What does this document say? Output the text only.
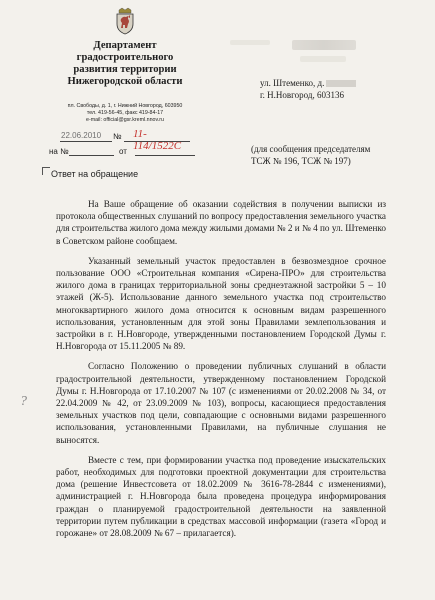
Департамент
градостроительного
развития территории
Нижегородской области
пл. Свободы, д. 1, г. Нижний Новгород, 603950
тел. 419-56-45, факс 419-84-17
e-mail: official@gsr.kreml.nnov.ru
22.06.2010 № 11-114/1522С
на №	от
Ответ на обращение
ул. Штеменко, д.
г. Н.Новгород, 603136
(для сообщения председателям
ТСЖ № 196, ТСЖ № 197)
?

На Ваше обращение об оказании содействия в получении выписки из протокола общественных слушаний по вопросу предоставления земельного участка для строительства жилого дома между жилыми домами № 2 и № 4 по ул. Штеменко в Советском районе сообщаем.

Указанный земельный участок предоставлен в безвозмездное срочное пользование ООО «Строительная компания «Сирена-ПРО» для строительства жилого дома в границах территориальной зоны среднеэтажной застройки 5 – 10 этажей (Ж-5). Использование данного земельного участка под строительство многоквартирного жилого дома относится к основным видам разрешенного использования, установленным для этой зоны Правилами землепользования и застройки в г. Н.Новгороде, утвержденными постановлением Городской Думы г. Н.Новгорода от 15.11.2005 № 89.

Согласно Положению о проведении публичных слушаний в области градостроительной деятельности, утвержденному постановлением Городской Думы г. Н.Новгорода от 17.10.2007 № 107 (с изменениями от 20.02.2008 № 34, от 22.04.2009 № 42, от 23.09.2009 № 103), вопросы, касающиеся предоставления земельных участков под цели, совпадающие с основными видами разрешенного использования, установленными Правилами, на публичные слушания не выносятся.

Вместе с тем, при формировании участка под проведение изыскательских работ, необходимых для подготовки проектной документации для строительства дома (решение Инвестсовета от 18.02.2009 № 3616-78-2844 с изменениями), администрацией г. Н.Новгорода была проведена процедура информирования граждан о планируемой градостроительной деятельности на заявленной территории путем публикации в средствах массовой информации (газета «Город и горожане» от 28.08.2009 № 67 – прилагается).
